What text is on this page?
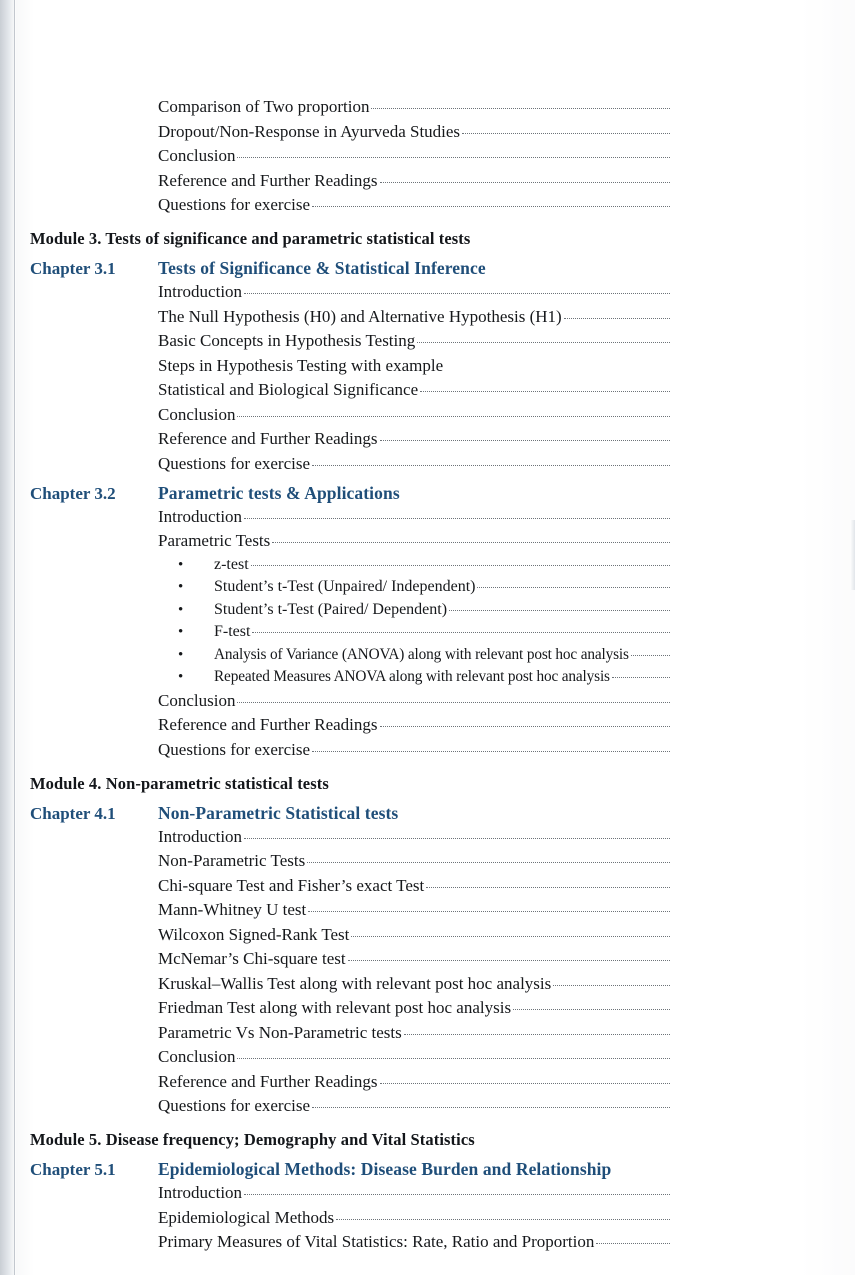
Comparison of Two proportion
Dropout/Non-Response in Ayurveda Studies
Conclusion
Reference and Further Readings
Questions for exercise
Module 3. Tests of significance and parametric statistical tests
Chapter 3.1	Tests of Significance & Statistical Inference
Introduction
The Null Hypothesis (H0) and Alternative Hypothesis (H1)
Basic Concepts in Hypothesis Testing
Steps in Hypothesis Testing with example
Statistical and Biological Significance
Conclusion
Reference and Further Readings
Questions for exercise
Chapter 3.2	Parametric tests & Applications
Introduction
Parametric Tests
•	z-test
•	Student’s t-Test (Unpaired/ Independent)
•	Student’s t-Test (Paired/ Dependent)
•	F-test
•	Analysis of Variance (ANOVA) along with relevant post hoc analysis
•	Repeated Measures ANOVA along with relevant post hoc analysis
Conclusion
Reference and Further Readings
Questions for exercise
Module 4. Non-parametric statistical tests
Chapter 4.1	Non-Parametric Statistical tests
Introduction
Non-Parametric Tests
Chi-square Test and Fisher’s exact Test
Mann-Whitney U test
Wilcoxon Signed-Rank Test
McNemar’s Chi-square test
Kruskal–Wallis Test along with relevant post hoc analysis
Friedman Test along with relevant post hoc analysis
Parametric Vs Non-Parametric tests
Conclusion
Reference and Further Readings
Questions for exercise
Module 5. Disease frequency; Demography and Vital Statistics
Chapter 5.1	Epidemiological Methods: Disease Burden and Relationship
Introduction
Epidemiological Methods
Primary Measures of Vital Statistics: Rate, Ratio and Proportion
